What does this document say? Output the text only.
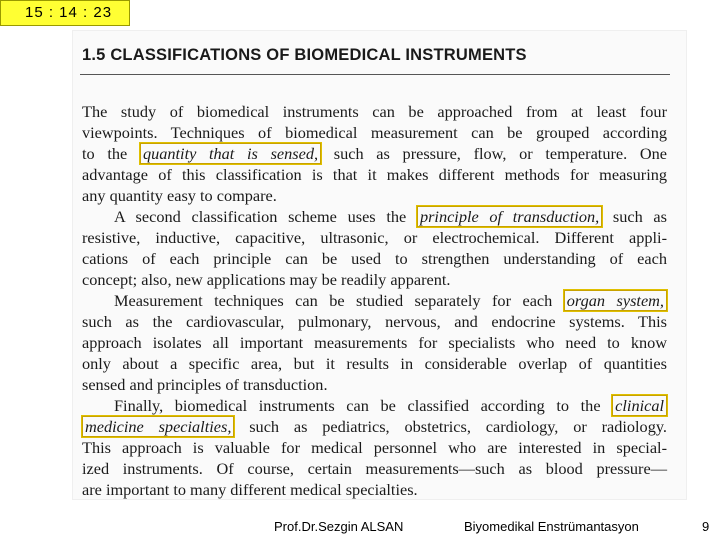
15 : 14 : 23
1.5 CLASSIFICATIONS OF BIOMEDICAL INSTRUMENTS
The study of biomedical instruments can be approached from at least four
viewpoints. Techniques of biomedical measurement can be grouped according
to the quantity that is sensed, such as pressure, flow, or temperature. One
advantage of this classification is that it makes different methods for measuring
any quantity easy to compare.
A second classification scheme uses the principle of transduction, such as
resistive, inductive, capacitive, ultrasonic, or electrochemical. Different appli-
cations of each principle can be used to strengthen understanding of each
concept; also, new applications may be readily apparent.
Measurement techniques can be studied separately for each organ system,
such as the cardiovascular, pulmonary, nervous, and endocrine systems. This
approach isolates all important measurements for specialists who need to know
only about a specific area, but it results in considerable overlap of quantities
sensed and principles of transduction.
Finally, biomedical instruments can be classified according to the clinical
medicine specialties, such as pediatrics, obstetrics, cardiology, or radiology.
This approach is valuable for medical personnel who are interested in special-
ized instruments. Of course, certain measurements—such as blood pressure—
are important to many different medical specialties.
Prof.Dr.Sezgin ALSAN	Biyomedikal Enstrümantasyon	9
